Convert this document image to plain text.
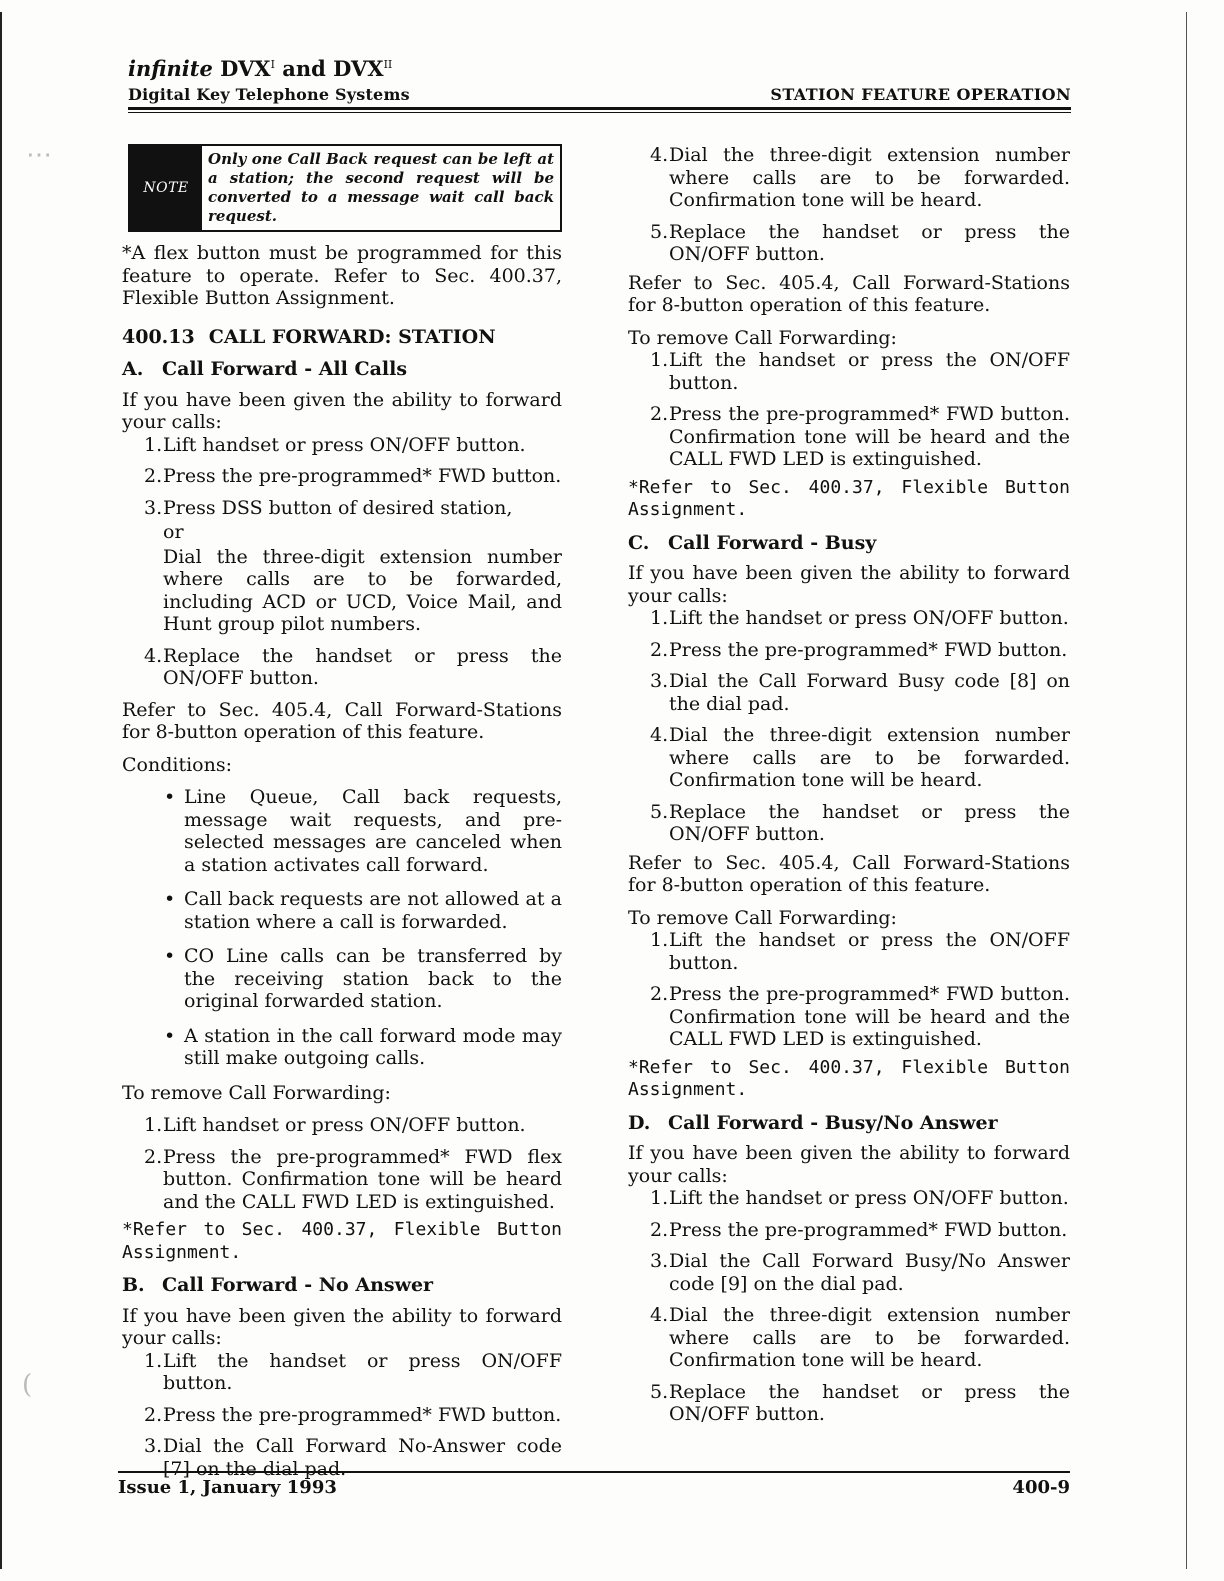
⋯
(
infinite $DVX^I$ and $DVX^{II}$
Digital Key Telephone Systems	STATION FEATURE OPERATION
NOTE
Only one Call Back request can be left at a station; the second request will be converted to a message wait call back request.

*A flex button must be programmed for this feature to operate. Refer to Sec. 400.37, Flexible Button Assignment.

400.13 CALL FORWARD: STATION
A. Call Forward - All Calls

If you have been given the ability to forward your calls:

1. Lift handset or press ON/OFF button.
2. Press the pre-programmed* FWD button.
3. Press DSS button of desired station,
or
Dial the three-digit extension number where calls are to be forwarded, including ACD or UCD, Voice Mail, and Hunt group pilot numbers.
4. Replace the handset or press the ON/OFF button.

Refer to Sec. 405.4, Call Forward-Stations for 8-button operation of this feature.

Conditions:

• Line Queue, Call back requests, message wait requests, and pre-selected messages are canceled when a station activates call forward.
• Call back requests are not allowed at a station where a call is forwarded.
• CO Line calls can be transferred by the receiving station back to the original forwarded station.
• A station in the call forward mode may still make outgoing calls.

To remove Call Forwarding:

1. Lift handset or press ON/OFF button.
2. Press the pre-programmed* FWD flex button. Confirmation tone will be heard and the CALL FWD LED is extinguished.

*Refer to Sec. 400.37, Flexible Button Assignment.

B. Call Forward - No Answer

If you have been given the ability to forward your calls:

1. Lift the handset or press ON/OFF button.
2. Press the pre-programmed* FWD button.
3. Dial the Call Forward No-Answer code [7] on the dial pad.
4. Dial the three-digit extension number where calls are to be forwarded. Confirmation tone will be heard.
5. Replace the handset or press the ON/OFF button.

Refer to Sec. 405.4, Call Forward-Stations for 8-button operation of this feature.

To remove Call Forwarding:

1. Lift the handset or press the ON/OFF button.
2. Press the pre-programmed* FWD button. Confirmation tone will be heard and the CALL FWD LED is extinguished.

*Refer to Sec. 400.37, Flexible Button Assignment.

C. Call Forward - Busy

If you have been given the ability to forward your calls:

1. Lift the handset or press ON/OFF button.
2. Press the pre-programmed* FWD button.
3. Dial the Call Forward Busy code [8] on the dial pad.
4. Dial the three-digit extension number where calls are to be forwarded. Confirmation tone will be heard.
5. Replace the handset or press the ON/OFF button.

Refer to Sec. 405.4, Call Forward-Stations for 8-button operation of this feature.

To remove Call Forwarding:

1. Lift the handset or press the ON/OFF button.
2. Press the pre-programmed* FWD button. Confirmation tone will be heard and the CALL FWD LED is extinguished.

*Refer to Sec. 400.37, Flexible Button Assignment.

D. Call Forward - Busy/No Answer

If you have been given the ability to forward your calls:

1. Lift the handset or press ON/OFF button.
2. Press the pre-programmed* FWD button.
3. Dial the Call Forward Busy/No Answer code [9] on the dial pad.
4. Dial the three-digit extension number where calls are to be forwarded. Confirmation tone will be heard.
5. Replace the handset or press the ON/OFF button.
Issue 1, January 1993	400-9
